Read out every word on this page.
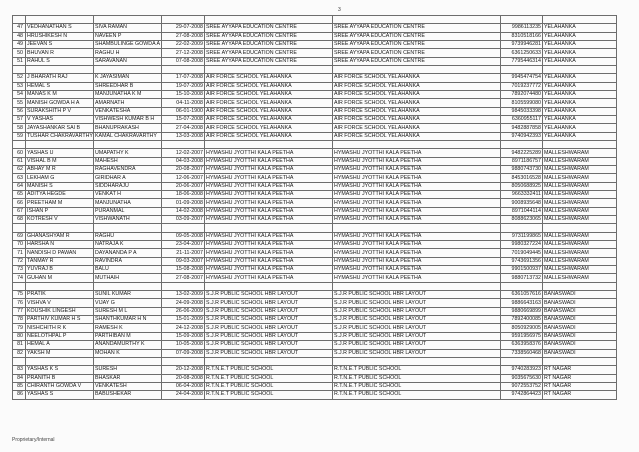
3

47	VEDHANATHAN S	SIVA RAMAN	29-07-2008	SREE AYYAPA EDUCATION CENTRE	SREE AYYAPA EDUCATION CENTRE	9986113235	YELAHANKA
48	HRUSHIKESH N	NAVEEN P	27-08-2008	SREE AYYAPA EDUCATION CENTRE	SREE AYYAPA EDUCATION CENTRE	8310518166	YELAHANKA
49	JEEVAN S	SHAMBULINGE GOWDA A	22-02-2009	SREE AYYAPA EDUCATION CENTRE	SREE AYYAPA EDUCATION CENTRE	9739946281	YELAHANKA
50	BHUVAN R	RAGHU H	27-12-2008	SREE AYYAPA EDUCATION CENTRE	SREE AYYAPA EDUCATION CENTRE	6361250633	YELAHANKA
51	RAHUL S	SARAVANAN	07-08-2008	SREE AYYAPA EDUCATION CENTRE	SREE AYYAPA EDUCATION CENTRE	7795446314	YELAHANKA

52	J BHARATH RAJ	K JAYASIMAN	17-07-2008	AIR FORCE SCHOOL YELAHANKA	AIR FORCE SCHOOL YELAHANKA	9945474754	YELAHANKA
53	HEMAL S	SHREEDHAR B	19-07-2009	AIR FORCE SCHOOL YELAHANKA	AIR FORCE SCHOOL YELAHANKA	7019237772	YELAHANKA
54	MANAS K M	MANJUNATHA K M	15-10-2008	AIR FORCE SCHOOL YELAHANKA	AIR FORCE SCHOOL YELAHANKA	7892074480	YELAHANKA
55	MANISH GOWDA H A	AMARNATH	04-11-2008	AIR FORCE SCHOOL YELAHANKA	AIR FORCE SCHOOL YELAHANKA	8105599080	YELAHANKA
56	SURAKSHITH P V	VENKATESHA	06-01-1900	AIR FORCE SCHOOL YELAHANKA	AIR FORCE SCHOOL YELAHANKA	9845033398	YELAHANKA
57	V YASHAS	VISHWESH KUMAR B H	15-07-2008	AIR FORCE SCHOOL YELAHANKA	AIR FORCE SCHOOL YELAHANKA	6360955117	YELAHANKA
58	JAYASHANKAR SAI B	BHANUPRAKASH	27-04-2008	AIR FORCE SCHOOL YELAHANKA	AIR FORCE SCHOOL YELAHANKA	9482887858	YELAHANKA
59	TUSHAR CHAKRAVARTHY	KAMAL CHAKRAVARTHY	13-03-2008	AIR FORCE SCHOOL YELAHANKA	AIR FORCE SCHOOL YELAHANKA	9740942393	YELAHANKA

60	YASHAS U	UMAPATHY K	12-02-2007	HYMASHU JYOTTHI KALA PEETHA	HYMASHU JYOTTHI KALA PEETHA	9482225289	MALLESHWARAM
61	VISHAL B M	MAHESH	04-03-2008	HYMASHU JYOTTHI KALA PEETHA	HYMASHU JYOTTHI KALA PEETHA	8971186757	MALLESHWARAM
62	ABHAY M R	RAGHAVENDRA	20-08-2007	HYMASHU JYOTTHI KALA PEETHA	HYMASHU JYOTTHI KALA PEETHA	9880743730	MALLESHWARAM
63	LEKHAM G	GIRIDHAR A	12-06-2007	HYMASHU JYOTTHI KALA PEETHA	HYMASHU JYOTTHI KALA PEETHA	8453016528	MALLESHWARAM
64	MANISH S	SIDDHARAJU	20-06-2007	HYMASHU JYOTTHI KALA PEETHA	HYMASHU JYOTTHI KALA PEETHA	8050688925	MALLESHWARAM
65	ADITYA HEGDE	VENKAT H	18-06-2008	HYMASHU JYOTTHI KALA PEETHA	HYMASHU JYOTTHI KALA PEETHA	9663332411	MALLESHWARAM
66	PREETHAM M	MANJUNATHA	01-09-2008	HYMASHU JYOTTHI KALA PEETHA	HYMASHU JYOTTHI KALA PEETHA	9008935648	MALLESHWARAM
67	ISHAN P	PURANMAL	14-02-2008	HYMASHU JYOTTHI KALA PEETHA	HYMASHU JYOTTHI KALA PEETHA	8971044114	MALLESHWARAM
68	KOTRESH V	VISHWANATH	03-09-2007	HYMASHU JYOTTHI KALA PEETHA	HYMASHU JYOTTHI KALA PEETHA	8088623065	MALLESHWARAM

69	GHANASHYAM R	RAGHU	09-05-2008	HYMASHU JYOTTHI KALA PEETHA	HYMASHU JYOTTHI KALA PEETHA	9731199865	MALLESHWARAM
70	HARSHA N	NATRAJA K	23-04-2007	HYMASHU JYOTTHI KALA PEETHA	HYMASHU JYOTTHI KALA PEETHA	9980327224	MALLESHWARAM
71	NANDISH D PAWAN	DAYANANDA P A	21-11-2007	HYMASHU JYOTTHI KALA PEETHA	HYMASHU JYOTTHI KALA PEETHA	7019049445	MALLESHWARAM
72	TANMAY R	RAVINDRA	09-03-2007	HYMASHU JYOTTHI KALA PEETHA	HYMASHU JYOTTHI KALA PEETHA	9743691356	MALLESHWARAM
73	YUVRAJ B	BALU	15-08-2008	HYMASHU JYOTTHI KALA PEETHA	HYMASHU JYOTTHI KALA PEETHA	9901500937	MALLESHWARAM
74	GUHAN M	MUTHAIH	27-08-2007	HYMASHU JYOTTHI KALA PEETHA	HYMASHU JYOTTHI KALA PEETHA	9880713732	MALLESHWARAM

75	PRATIK	SUNIL KUMAR	13-02-2009	S.J.R PUBLIC SCHOOL HBR LAYOUT	S.J.R PUBLIC SCHOOL HBR LAYOUT	6361057616	BANASWADI
76	VISHVA V	VIJAY G	24-09-2008	S.J.R PUBLIC SCHOOL HBR LAYOUT	S.J.R PUBLIC SCHOOL HBR LAYOUT	9886643163	BANASWADI
77	KOUSHIK LINGESH	SURESH M L	26-06-2009	S.J.R PUBLIC SCHOOL HBR LAYOUT	S.J.R PUBLIC SCHOOL HBR LAYOUT	9880669899	BANASWADI
78	PARTHIV KUMAR H S	SHANTHKUMAR H N	15-01-2009	S.J.R PUBLIC SCHOOL HBR LAYOUT	S.J.R PUBLIC SCHOOL HBR LAYOUT	7892400085	BANASWADI
79	NISHCHITH R K	RAMESH K	24-12-2008	S.J.R PUBLIC SCHOOL HBR LAYOUT	S.J.R PUBLIC SCHOOL HBR LAYOUT	8050929005	BANASWADI
80	NEELOTHPAL P	PARTHIBAN M	15-09-2008	S.J.R PUBLIC SCHOOL HBR LAYOUT	S.J.R PUBLIC SCHOOL HBR LAYOUT	9591956975	BANASWADI
81	HEMAL A	ANANDAMURTHY K	10-05-2008	S.J.R PUBLIC SCHOOL HBR LAYOUT	S.J.R PUBLIC SCHOOL HBR LAYOUT	6363958376	BANASWADI
82	YAKSH M	MOHAN K	07-09-2008	S.J.R PUBLIC SCHOOL HBR LAYOUT	S.J.R PUBLIC SCHOOL HBR LAYOUT	7338560468	BANASWADI

83	YASHAS K S	SURESH	20-12-2008	R.T.N.E.T PUBLIC SCHOOL	R.T.N.E.T PUBLIC SCHOOL	9740283923	RT NAGAR
84	PRANITH B	BHASKAR	20-08-2008	R.T.N.E.T PUBLIC SCHOOL	R.T.N.E.T PUBLIC SCHOOL	9035675630	RT NAGAR
85	CHIRANTH GOWDA V	VENKATESH	06-04-2008	R.T.N.E.T PUBLIC SCHOOL	R.T.N.E.T PUBLIC SCHOOL	9072553752	RT NAGAR
86	YASHAS S	BABUSHEKAR	24-04-2008	R.T.N.E.T PUBLIC SCHOOL	R.T.N.E.T PUBLIC SCHOOL	9742864423	RT NAGAR
Proprietary/Internal
